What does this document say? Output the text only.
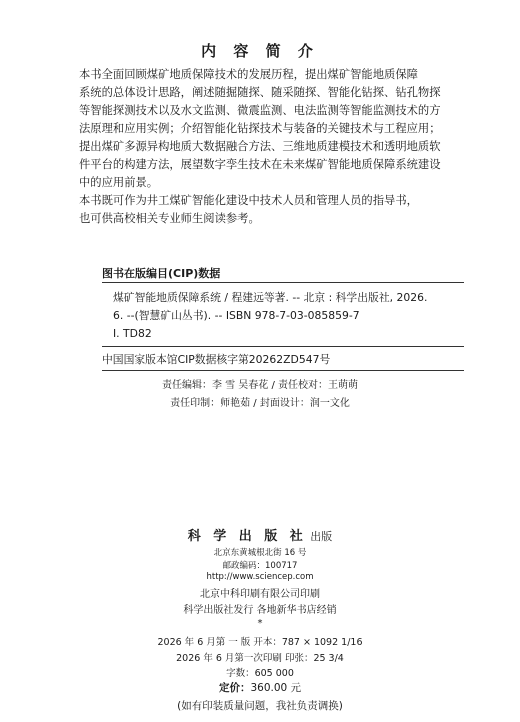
内 容 简 介
本书全面回顾煤矿地质保障技术的发展历程，提出煤矿智能地质保障
系统的总体设计思路，阐述随掘随探、随采随探、智能化钻探、钻孔物探
等智能探测技术以及水文监测、微震监测、电法监测等智能监测技术的方
法原理和应用实例；介绍智能化钻探技术与装备的关键技术与工程应用；
提出煤矿多源异构地质大数据融合方法、三维地质建模技术和透明地质软
件平台的构建方法，展望数字孪生技术在未来煤矿智能地质保障系统建设
中的应用前景。
本书既可作为井工煤矿智能化建设中技术人员和管理人员的指导书，
也可供高校相关专业师生阅读参考。
图书在版编目(CIP)数据
煤矿智能地质保障系统 / 程建远等著. -- 北京 : 科学出版社, 2026.
6. --(智慧矿山丛书). -- ISBN 978-7-03-085859-7
Ⅰ. TD82
中国国家版本馆CIP数据核字第20262ZD547号
责任编辑：李 雪 吴春花 / 责任校对：王萌萌
责任印制：师艳茹 / 封面设计：润一文化
科 学 出 版 社 出版
北京东黄城根北街 16 号
邮政编码：100717
http://www.sciencep.com
北京中科印刷有限公司印刷
科学出版社发行 各地新华书店经销
*
2026 年 6 月第 一 版 开本：787 × 1092 1/16
2026 年 6 月第一次印刷 印张：25 3/4
字数：605 000
定价：360.00 元
(如有印装质量问题，我社负责调换)
